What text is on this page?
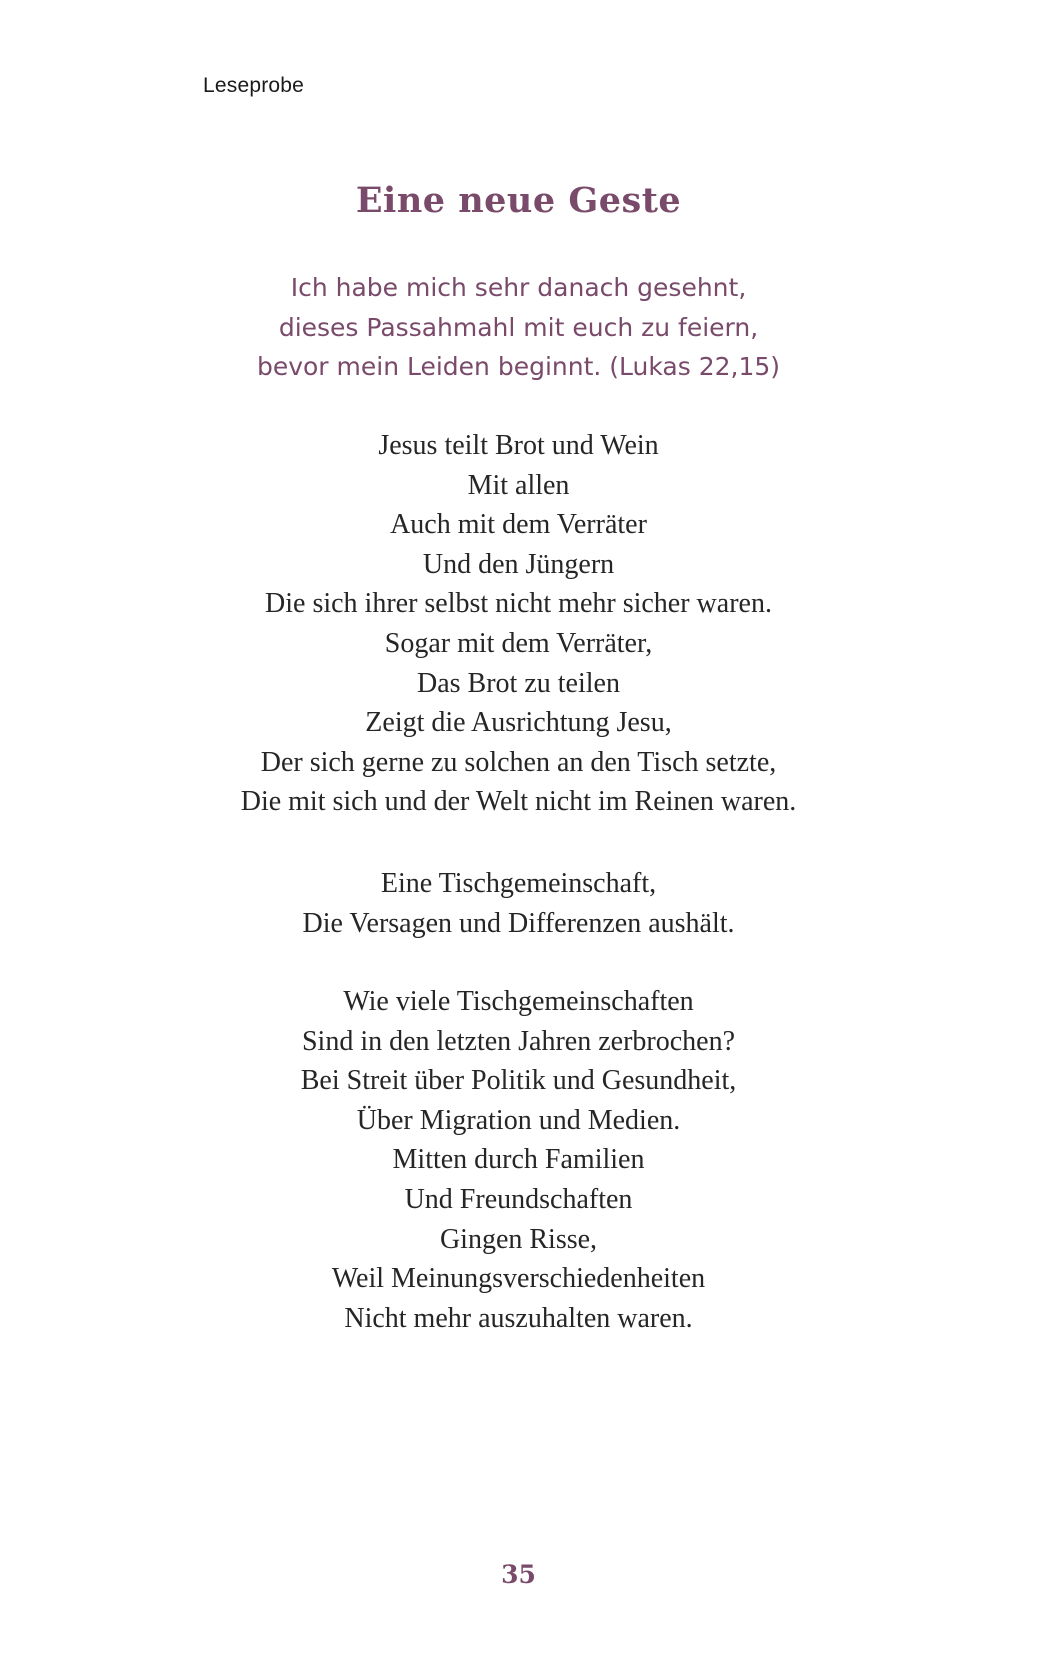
Leseprobe
Eine neue Geste
Ich habe mich sehr danach gesehnt,
dieses Passahmahl mit euch zu feiern,
bevor mein Leiden beginnt. (Lukas 22,15)
Jesus teilt Brot und Wein
Mit allen
Auch mit dem Verräter
Und den Jüngern
Die sich ihrer selbst nicht mehr sicher waren.
Sogar mit dem Verräter,
Das Brot zu teilen
Zeigt die Ausrichtung Jesu,
Der sich gerne zu solchen an den Tisch setzte,
Die mit sich und der Welt nicht im Reinen waren.
Eine Tischgemeinschaft,
Die Versagen und Differenzen aushält.
Wie viele Tischgemeinschaften
Sind in den letzten Jahren zerbrochen?
Bei Streit über Politik und Gesundheit,
Über Migration und Medien.
Mitten durch Familien
Und Freundschaften
Gingen Risse,
Weil Meinungsverschiedenheiten
Nicht mehr auszuhalten waren.
35
